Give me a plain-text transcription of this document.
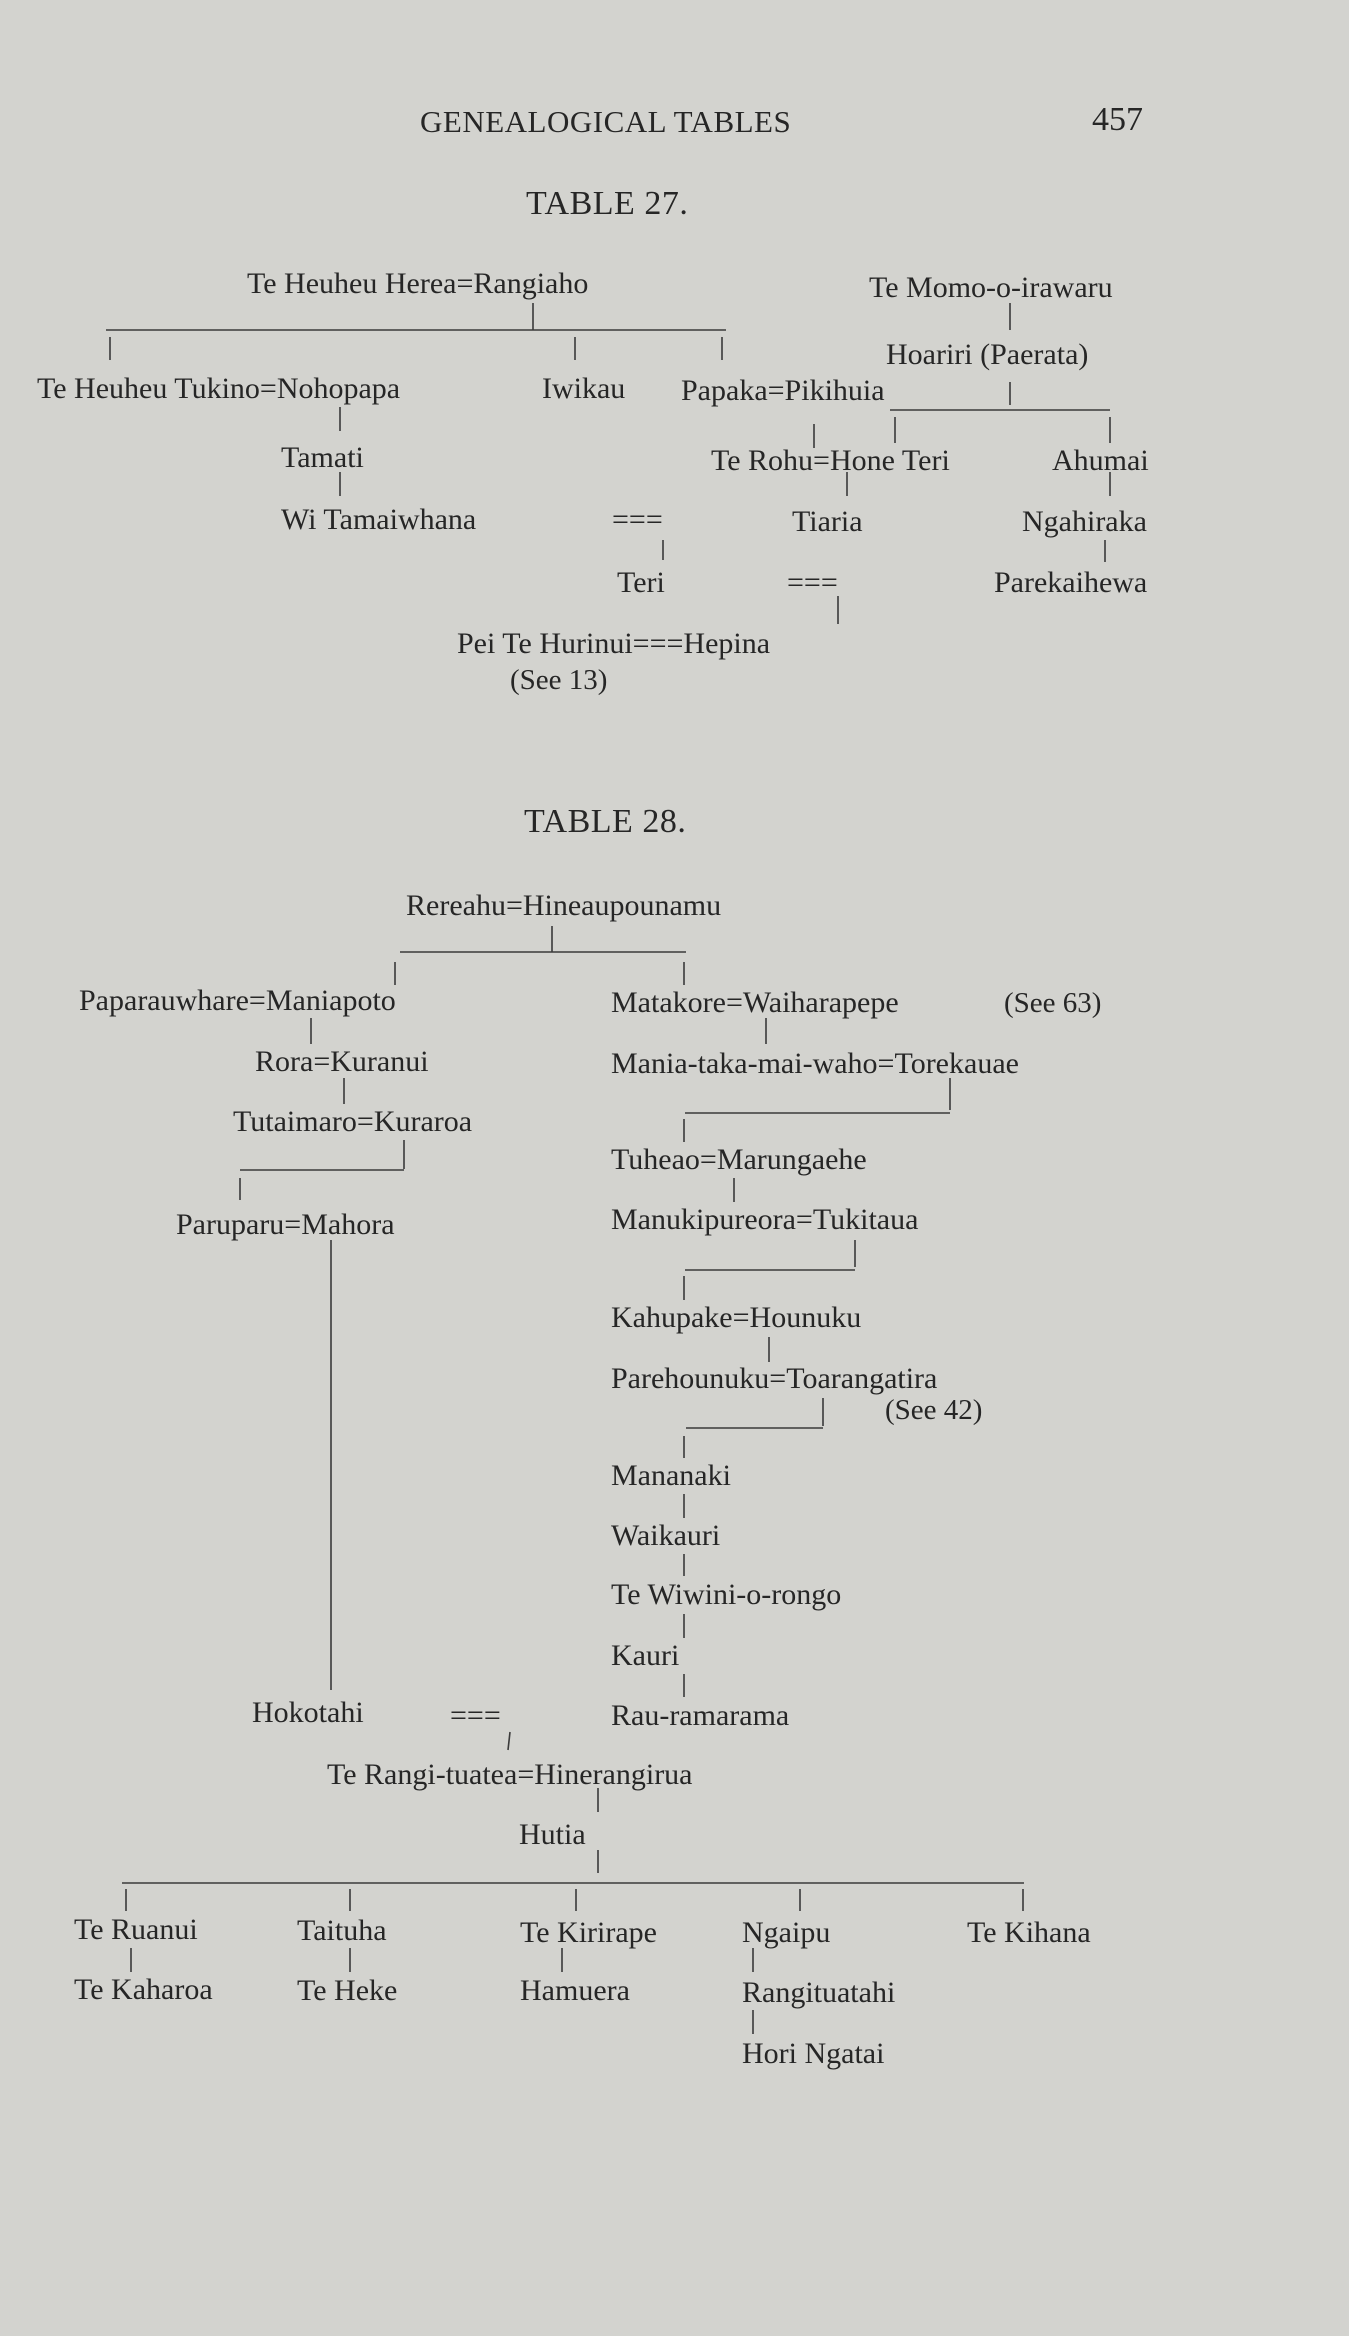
GENEALOGICAL TABLES	457
TABLE 27.
Te Heuheu Herea=Rangiaho	Te Momo-o-irawaru
Hoariri (Paerata)
Te Heuheu Tukino=Nohopapa	Iwikau Papaka=Pikihuia
Tamati	Te Rohu=Hone Teri	Ahumai
Wi Tamaiwhana	===	Tiaria	Ngahiraka
Teri	===	Parekaihewa
Pei Te Hurinui===Hepina
(See 13)
TABLE 28.
Rereahu=Hineaupounamu
Paparauwhare=Maniapoto	Matakore=Waiharapepe	(See 63)
Rora=Kuranui	Mania-taka-mai-waho=Torekauae
Tutaimaro=Kuraroa
Tuheao=Marungaehe
Paruparu=Mahora	Manukipureora=Tukitaua
Kahupake=Hounuku
Parehounuku=Toarangatira
(See 42)
Mananaki
Waikauri
Te Wiwini-o-rongo
Kauri
Hokotahi	===	Rau-ramarama
Te Rangi-tuatea=Hinerangirua
Hutia
Te Ruanui	Taituha	Te Kirirape	Ngaipu	Te Kihana
Te Kaharoa	Te Heke	Hamuera	Rangituatahi
Hori Ngatai
